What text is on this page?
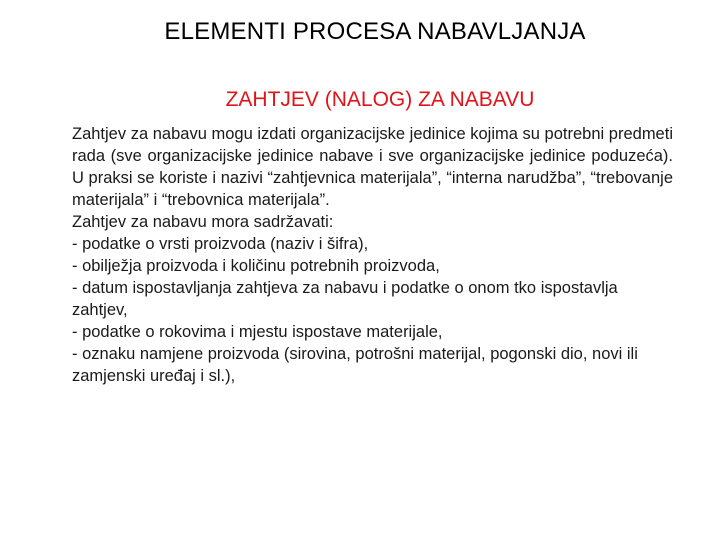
ELEMENTI PROCESA NABAVLJANJA
ZAHTJEV (NALOG) ZA NABAVU

Zahtjev za nabavu mogu izdati organizacijske jedinice kojima su potrebni predmeti rada (sve organizacijske jedinice nabave i sve organizacijske jedinice poduzeća). U praksi se koriste i nazivi “zahtjevnica materijala”, “interna narudžba”, “trebovanje materijala” i “trebovnica materijala”.

Zahtjev za nabavu mora sadržavati:

- podatke o vrsti proizvoda (naziv i šifra),

- obilježja proizvoda i količinu potrebnih proizvoda,

- datum ispostavljanja zahtjeva za nabavu i podatke o onom tko ispostavlja zahtjev,

- podatke o rokovima i mjestu ispostave materijale,

- oznaku namjene proizvoda (sirovina, potrošni materijal, pogonski dio, novi ili zamjenski uređaj i sl.),
